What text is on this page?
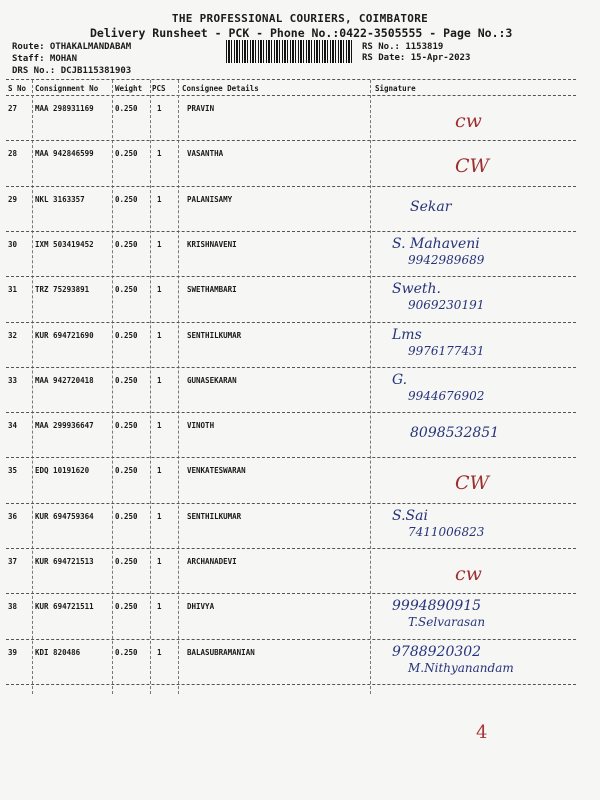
THE PROFESSIONAL COURIERS, COIMBATORE
Delivery Runsheet - PCK - Phone No.:0422-3505555 - Page No.:3
Route: OTHAKALMANDABAM
Staff: MOHAN
DRS No.: DCJB115381903
RS No.: 1153819
RS Date: 15-Apr-2023
S No Consignment No Weight PCS Consignee Details	Signature
27 MAA 298931169	0.250	1	PRAVIN
cw
28 MAA 942846599	0.250	1	VASANTHA
CW
29 NKL 3163357	0.250	1	PALANISAMY	Sekar
30 IXM 503419452	0.250	1	KRISHNAVENI	S. Mahaveni
9942989689
31 TRZ 75293891	0.250	1	SWETHAMBARI	Sweth.
9069230191
32 KUR 694721690	0.250	1	SENTHILKUMAR	Lms
9976177431
33 MAA 942720418	0.250	1	GUNASEKARAN	G.
9944676902
34 MAA 299936647	0.250	1	VINOTH	8098532851
35 EDQ 10191620	0.250	1	VENKATESWARAN
CW
36 KUR 694759364	0.250	1	SENTHILKUMAR	S.Sai
7411006823
37 KUR 694721513	0.250	1	ARCHANADEVI
cw
38 KUR 694721511	0.250	1	DHIVYA	9994890915
T.Selvarasan
39 KDI 820486	0.250	1	BALASUBRAMANIAN	9788920302
M.Nithyanandam
4
